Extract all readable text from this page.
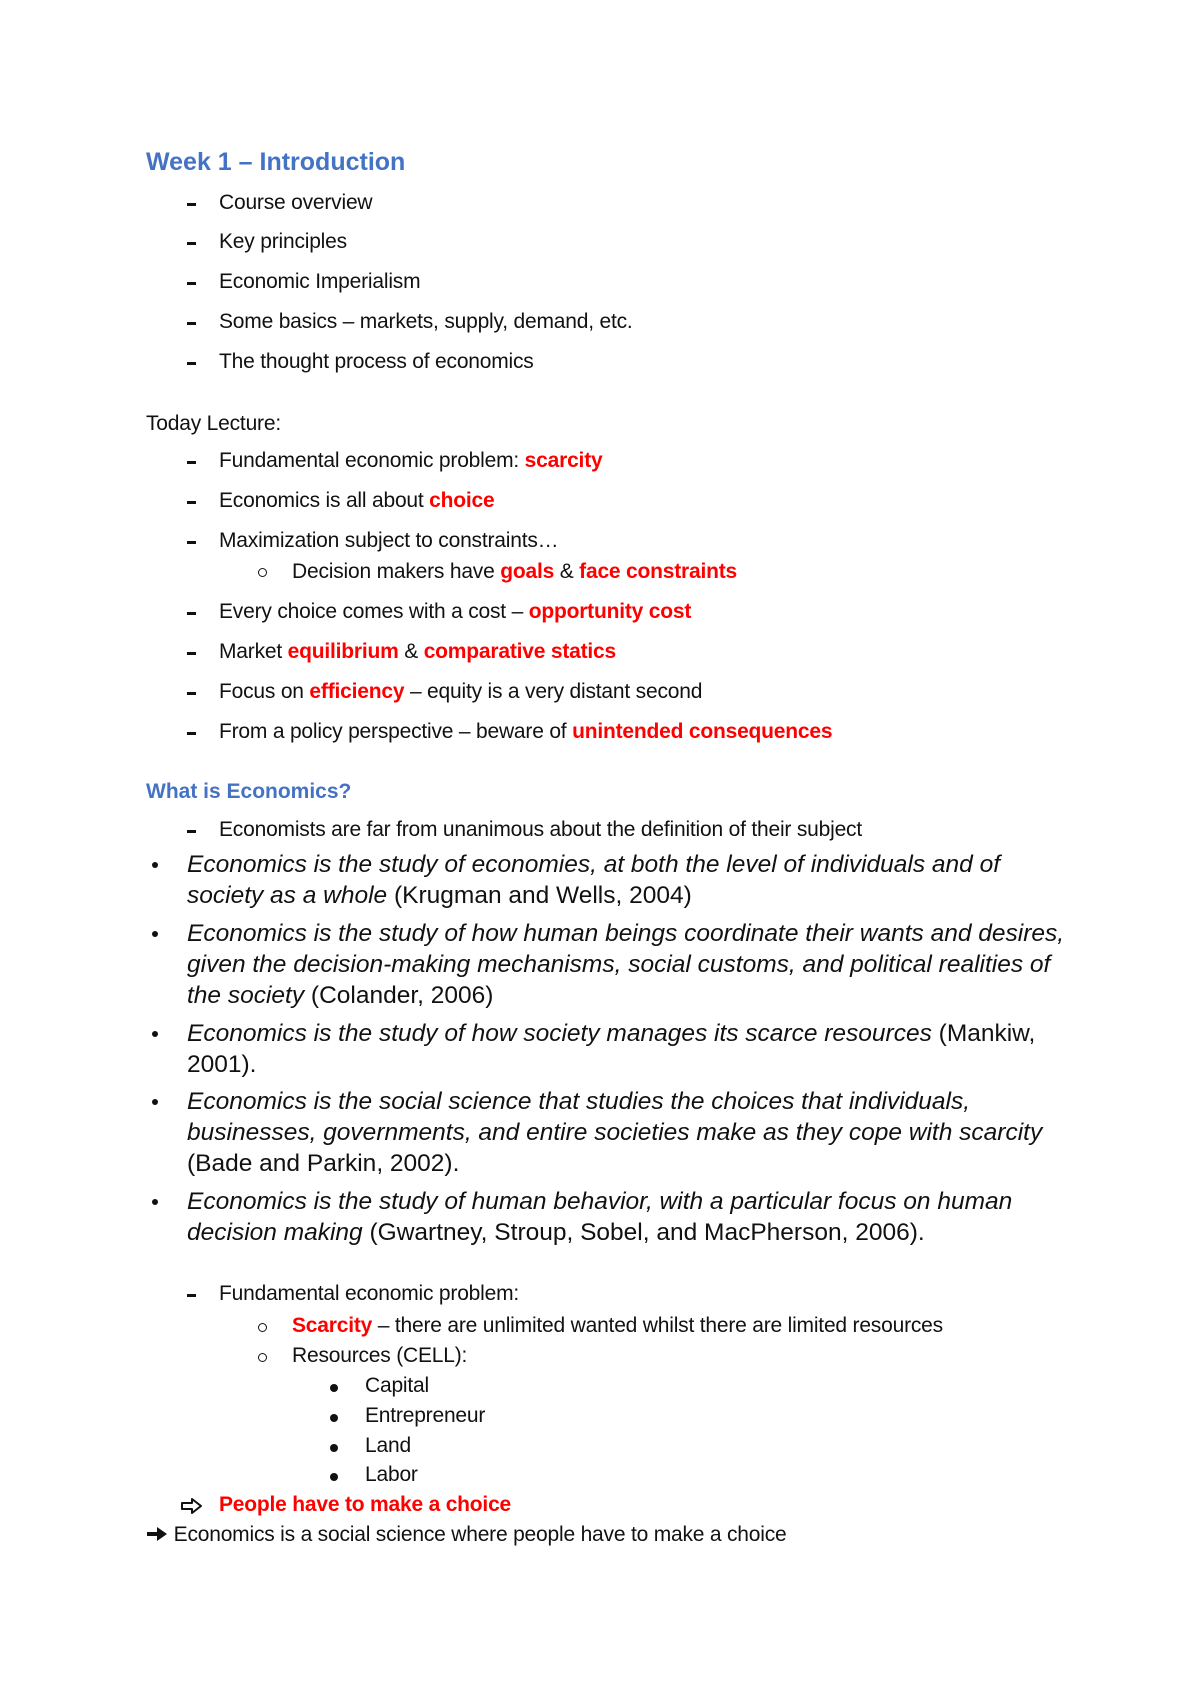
Week 1 – Introduction
Course overview
Key principles
Economic Imperialism
Some basics – markets, supply, demand, etc.
The thought process of economics
Today Lecture:
Fundamental economic problem: scarcity
Economics is all about choice
Maximization subject to constraints…
Decision makers have goals & face constraints
Every choice comes with a cost – opportunity cost
Market equilibrium & comparative statics
Focus on efficiency – equity is a very distant second
From a policy perspective – beware of unintended consequences
What is Economics?
Economists are far from unanimous about the definition of their subject
Economics is the study of economies, at both the level of individuals and of society as a whole (Krugman and Wells, 2004)
Economics is the study of how human beings coordinate their wants and desires, given the decision-making mechanisms, social customs, and political realities of the society (Colander, 2006)
Economics is the study of how society manages its scarce resources (Mankiw, 2001).
Economics is the social science that studies the choices that individuals, businesses, governments, and entire societies make as they cope with scarcity (Bade and Parkin, 2002).
Economics is the study of human behavior, with a particular focus on human decision making (Gwartney, Stroup, Sobel, and MacPherson, 2006).
Fundamental economic problem:
Scarcity – there are unlimited wanted whilst there are limited resources
Resources (CELL):
Capital
Entrepreneur
Land
Labor
People have to make a choice
Economics is a social science where people have to make a choice
